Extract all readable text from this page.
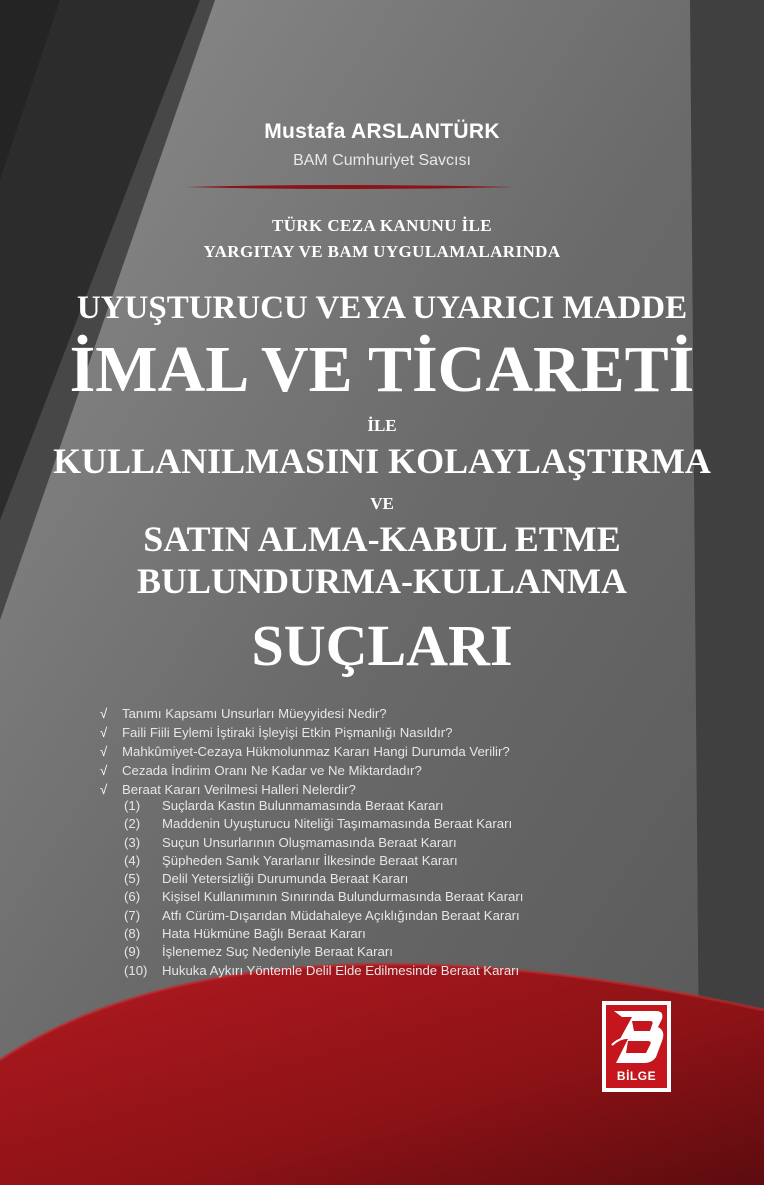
Mustafa ARSLANTÜRK
BAM Cumhuriyet Savcısı
TÜRK CEZA KANUNU İLE
YARGITAY VE BAM UYGULAMALARINDA
UYUŞTURUCU VEYA UYARICI MADDE
İMAL VE TİCARETİ
İLE
KULLANILMASINI KOLAYLAŞTIRMA
VE
SATIN ALMA-KABUL ETME
BULUNDURMA-KULLANMA
SUÇLARI
√ Tanımı Kapsamı Unsurları Müeyyidesi Nedir?
√ Faili Fiili Eylemi İştiraki İşleyişi Etkin Pişmanlığı Nasıldır?
√ Mahkûmiyet-Cezaya Hükmolunmaz Kararı Hangi Durumda Verilir?
√ Cezada İndirim Oranı Ne Kadar ve Ne Miktardadır?
√ Beraat Kararı Verilmesi Halleri Nelerdir?
(1) Suçlarda Kastın Bulunmamasında Beraat Kararı
(2) Maddenin Uyuşturucu Niteliği Taşımamasında Beraat Kararı
(3) Suçun Unsurlarının Oluşmamasında Beraat Kararı
(4) Şüpheden Sanık Yararlanır İlkesinde Beraat Kararı
(5) Delil Yetersizliği Durumunda Beraat Kararı
(6) Kişisel Kullanımının Sınırında Bulundurmasında Beraat Kararı
(7) Atfı Cürüm-Dışarıdan Müdahaleye Açıklığından Beraat Kararı
(8) Hata Hükmüne Bağlı Beraat Kararı
(9) İşlenemez Suç Nedeniyle Beraat Kararı
(10) Hukuka Aykırı Yöntemle Delil Elde Edilmesinde Beraat Kararı
BİLGE
